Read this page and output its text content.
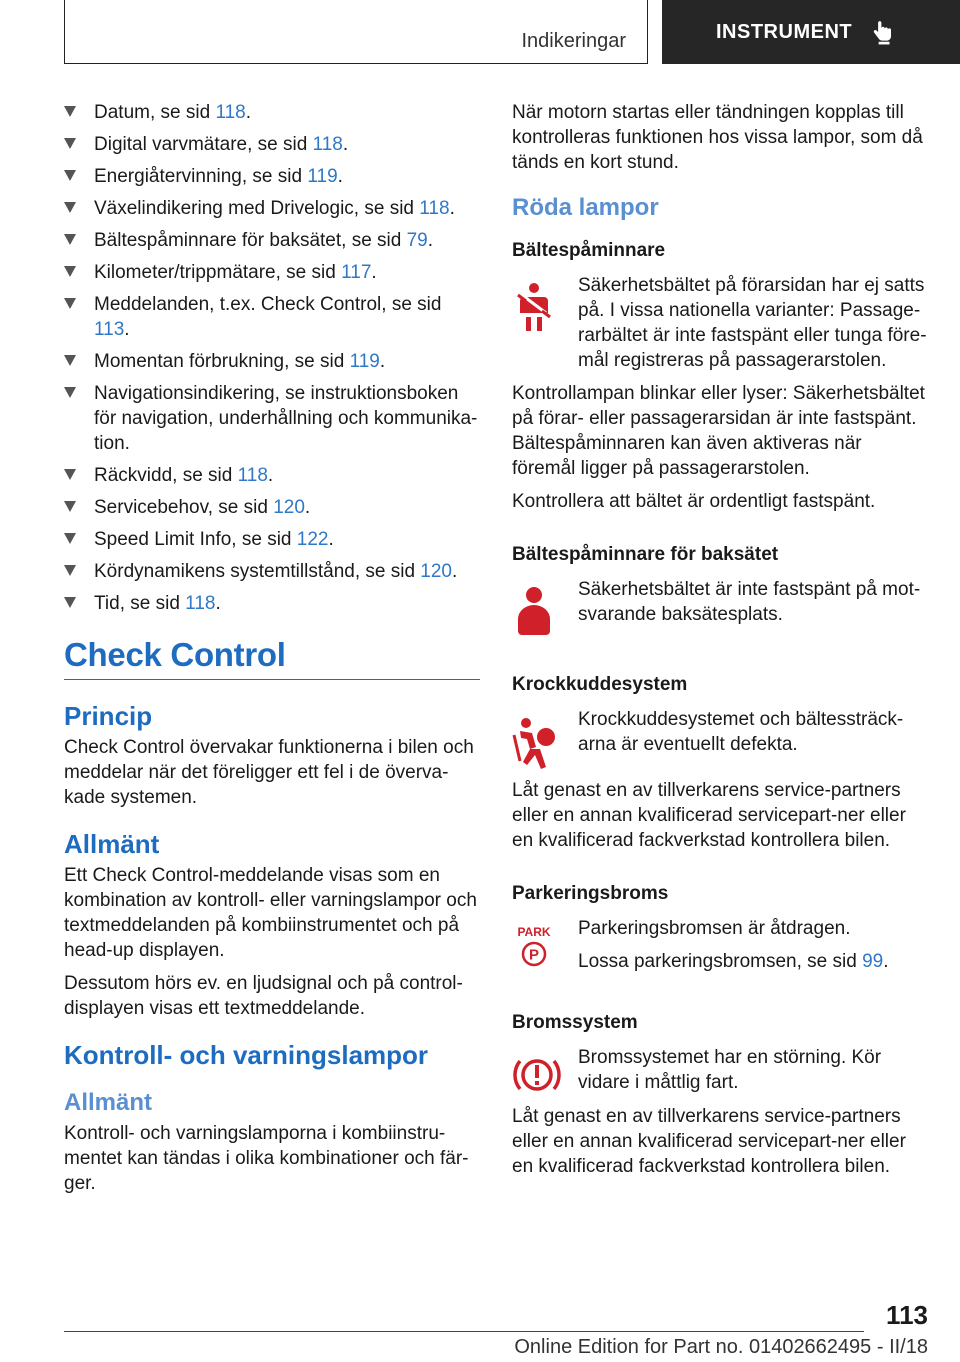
Indikeringar	INSTRUMENT
Datum, se sid 118.
Digital varvmätare, se sid 118.
Energiåtervinning, se sid 119.
Växelindikering med Drivelogic, se sid 118.
Bältespåminnare för baksätet, se sid 79.
Kilometer/trippmätare, se sid 117.
Meddelanden, t.ex. Check Control, se sid 113.
Momentan förbrukning, se sid 119.
Navigationsindikering, se instruktionsboken för navigation, underhållning och kommunika‐tion.
Räckvidd, se sid 118.
Servicebehov, se sid 120.
Speed Limit Info, se sid 122.
Kördynamikens systemtillstånd, se sid 120.
Tid, se sid 118.
Check Control
Princip

Check Control övervakar funktionerna i bilen och meddelar när det föreligger ett fel i de överva‐kade systemen.

Allmänt

Ett Check Control-meddelande visas som en kombination av kontroll- eller varningslampor och textmeddelanden på kombiinstrumentet och på head-up displayen.

Dessutom hörs ev. en ljudsignal och på control-displayen visas ett textmeddelande.

Kontroll- och varningslampor
Allmänt

Kontroll- och varningslamporna i kombiinstru‐mentet kan tändas i olika kombinationer och fär‐ger.

När motorn startas eller tändningen kopplas till kontrolleras funktionen hos vissa lampor, som då tänds en kort stund.

Röda lampor
Bältespåminnare

Säkerhetsbältet på förarsidan har ej satts på. I vissa nationella varianter: Passage‐rarbältet är inte fastspänt eller tunga före‐mål registreras på passagerarstolen.

Kontrollampan blinkar eller lyser: Säkerhetsbältet på förar- eller passagerarsidan är inte fastspänt. Bältespåminnaren kan även aktiveras när föremål ligger på passagerarstolen.

Kontrollera att bältet är ordentligt fastspänt.

Bältespåminnare för baksätet

Säkerhetsbältet är inte fastspänt på mot‐svarande baksätesplats.

Krockkuddesystem

Krockkuddesystemet och bältessträck‐arna är eventuellt defekta.

Låt genast en av tillverkarens service‐partners eller en annan kvalificerad servicepart‐ner eller en kvalificerad fackverkstad kontrollera bilen.

Parkeringsbroms
PARK
P

Parkeringsbromsen är åtdragen.

Lossa parkeringsbromsen, se sid 99.

Bromssystem

Bromssystemet har en störning. Kör vidare i måttlig fart.

Låt genast en av tillverkarens service‐partners eller en annan kvalificerad servicepart‐ner eller en kvalificerad fackverkstad kontrollera bilen.

113
Online Edition for Part no. 01402662495 - II/18
